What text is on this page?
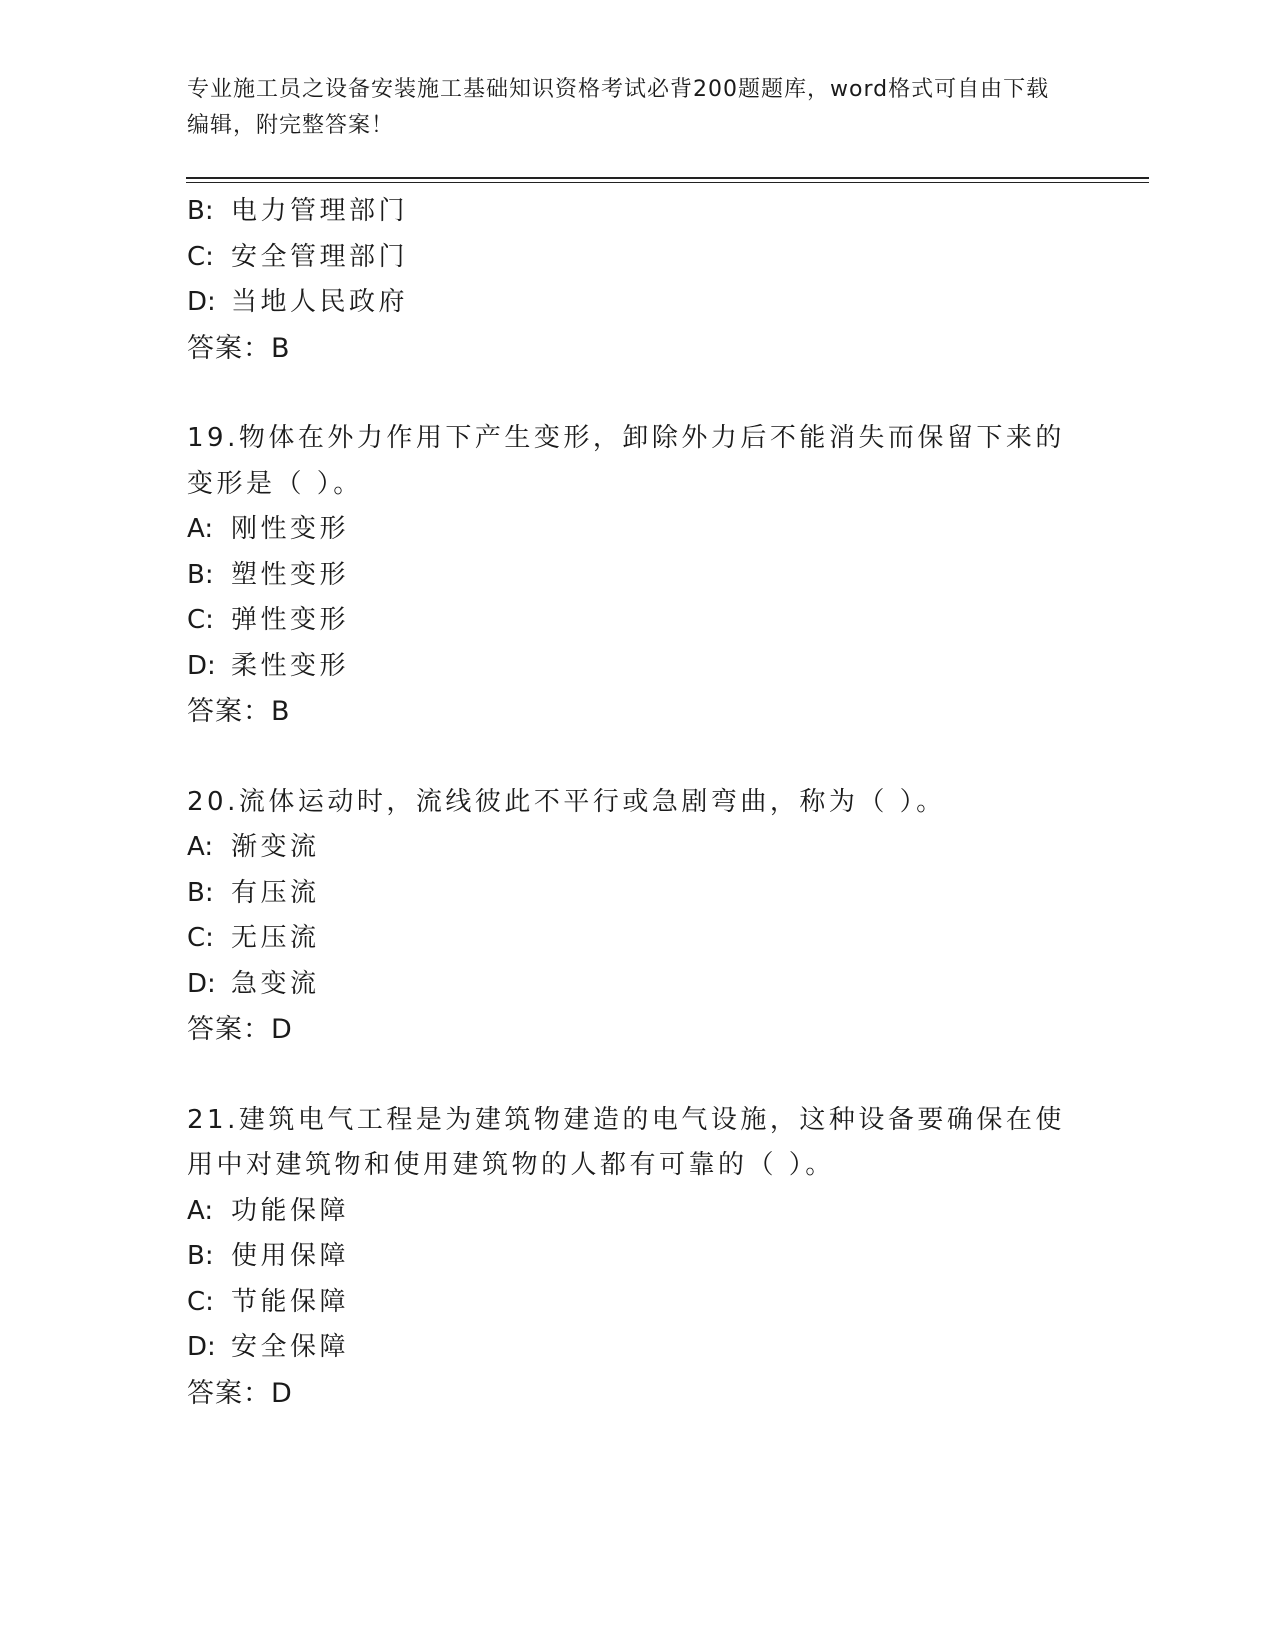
专业施工员之设备安装施工基础知识资格考试必背200题题库，word格式可自由下载编辑，附完整答案！
B: 电力管理部门
C: 安全管理部门
D: 当地人民政府
答案：B
19.物体在外力作用下产生变形，卸除外力后不能消失而保留下来的变形是（ ）。
A: 刚性变形
B: 塑性变形
C: 弹性变形
D: 柔性变形
答案：B
20.流体运动时，流线彼此不平行或急剧弯曲，称为（ ）。
A: 渐变流
B: 有压流
C: 无压流
D: 急变流
答案：D
21.建筑电气工程是为建筑物建造的电气设施，这种设备要确保在使用中对建筑物和使用建筑物的人都有可靠的（ ）。
A: 功能保障
B: 使用保障
C: 节能保障
D: 安全保障
答案：D
